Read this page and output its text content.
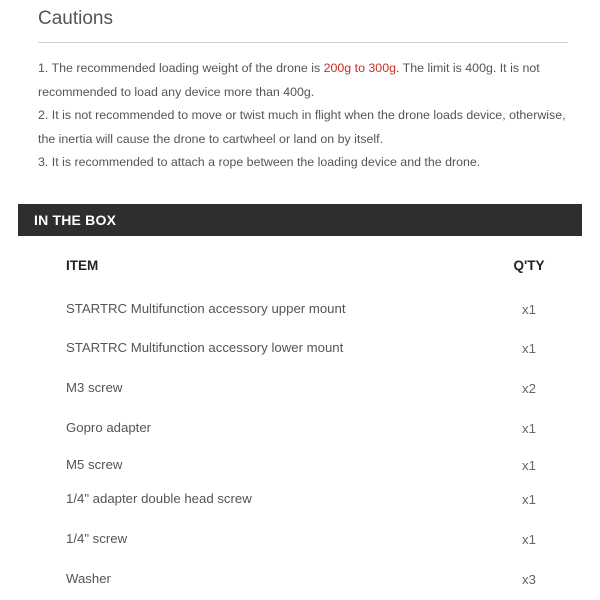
Cautions

1. The recommended loading weight of the drone is 200g to 300g. The limit is 400g. It is not recommended to load any device more than 400g.

2. It is not recommended to move or twist much in flight when the drone loads device, otherwise, the inertia will cause the drone to cartwheel or land on by itself.

3. It is recommended to attach a rope between the loading device and the drone.

IN THE BOX
ITEM	Q'TY
STARTRC Multifunction accessory upper mount	x1
STARTRC Multifunction accessory lower mount	x1
M3 screw	x2
Gopro adapter	x1
M5 screw	x1
1/4" adapter double head screw	x1
1/4" screw	x1
Washer	x3
